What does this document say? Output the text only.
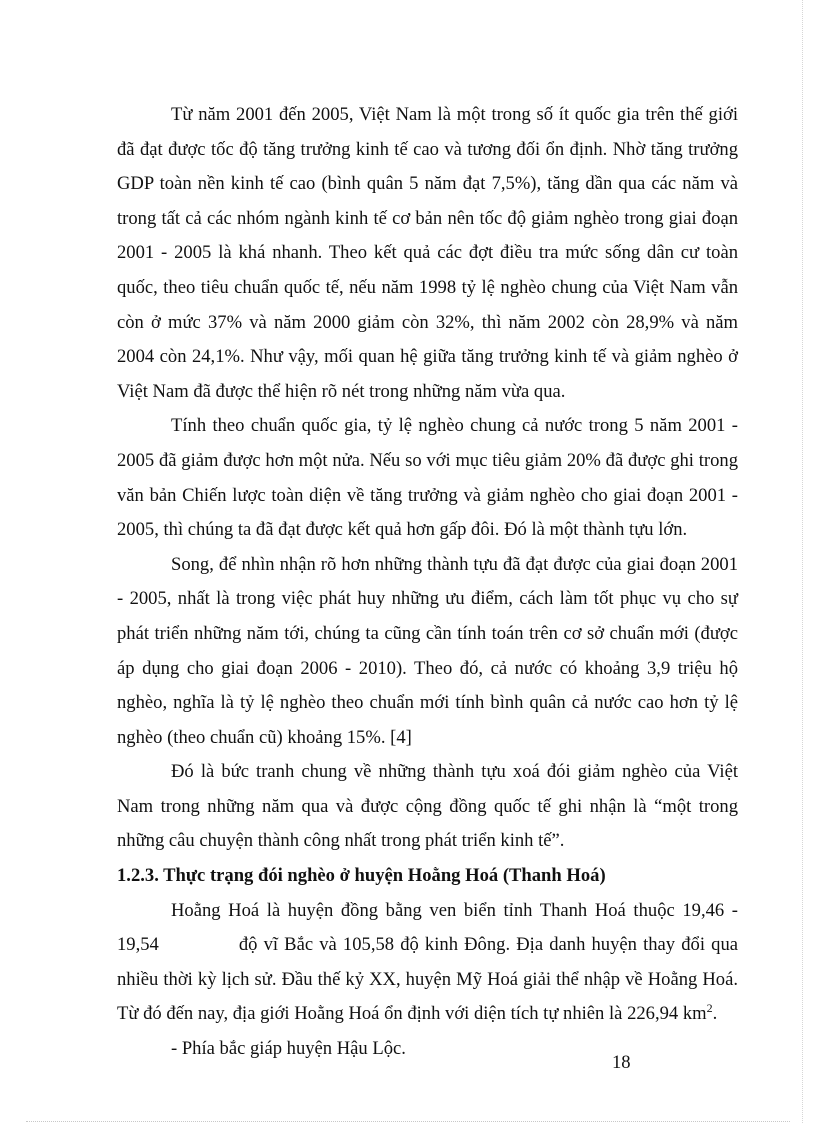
Từ năm 2001 đến 2005, Việt Nam là một trong số ít quốc gia trên thế giới đã đạt được tốc độ tăng trưởng kinh tế cao và tương đối ổn định. Nhờ tăng trưởng GDP toàn nền kinh tế cao (bình quân 5 năm đạt 7,5%), tăng dần qua các năm và trong tất cả các nhóm ngành kinh tế cơ bản nên tốc độ giảm nghèo trong giai đoạn 2001 - 2005 là khá nhanh. Theo kết quả các đợt điều tra mức sống dân cư toàn quốc, theo tiêu chuẩn quốc tế, nếu năm 1998 tỷ lệ nghèo chung của Việt Nam vẫn còn ở mức 37% và năm 2000 giảm còn 32%, thì năm 2002 còn 28,9% và năm 2004 còn 24,1%. Như vậy, mối quan hệ giữa tăng trưởng kinh tế và giảm nghèo ở Việt Nam đã được thể hiện rõ nét trong những năm vừa qua.

Tính theo chuẩn quốc gia, tỷ lệ nghèo chung cả nước trong 5 năm 2001 - 2005 đã giảm được hơn một nửa. Nếu so với mục tiêu giảm 20% đã được ghi trong văn bản Chiến lược toàn diện về tăng trưởng và giảm nghèo cho giai đoạn 2001 - 2005, thì chúng ta đã đạt được kết quả hơn gấp đôi. Đó là một thành tựu lớn.

Song, để nhìn nhận rõ hơn những thành tựu đã đạt được của giai đoạn 2001 - 2005, nhất là trong việc phát huy những ưu điểm, cách làm tốt phục vụ cho sự phát triển những năm tới, chúng ta cũng cần tính toán trên cơ sở chuẩn mới (được áp dụng cho giai đoạn 2006 - 2010). Theo đó, cả nước có khoảng 3,9 triệu hộ nghèo, nghĩa là tỷ lệ nghèo theo chuẩn mới tính bình quân cả nước cao hơn tỷ lệ nghèo (theo chuẩn cũ) khoảng 15%. [4]

Đó là bức tranh chung về những thành tựu xoá đói giảm nghèo của Việt Nam trong những năm qua và được cộng đồng quốc tế ghi nhận là “một trong những câu chuyện thành công nhất trong phát triển kinh tế”.

1.2.3. Thực trạng đói nghèo ở huyện Hoằng Hoá (Thanh Hoá)

Hoằng Hoá là huyện đồng bằng ven biển tỉnh Thanh Hoá thuộc 19,46 - 19,54	độ vĩ Bắc và 105,58 độ kinh Đông. Địa danh huyện thay đổi qua nhiều thời kỳ lịch sử. Đầu thế kỷ XX, huyện Mỹ Hoá giải thể nhập về Hoằng Hoá. Từ đó đến nay, địa giới Hoằng Hoá ổn định với diện tích tự nhiên là 226,94 $km^2$.

- Phía bắc giáp huyện Hậu Lộc.

18
